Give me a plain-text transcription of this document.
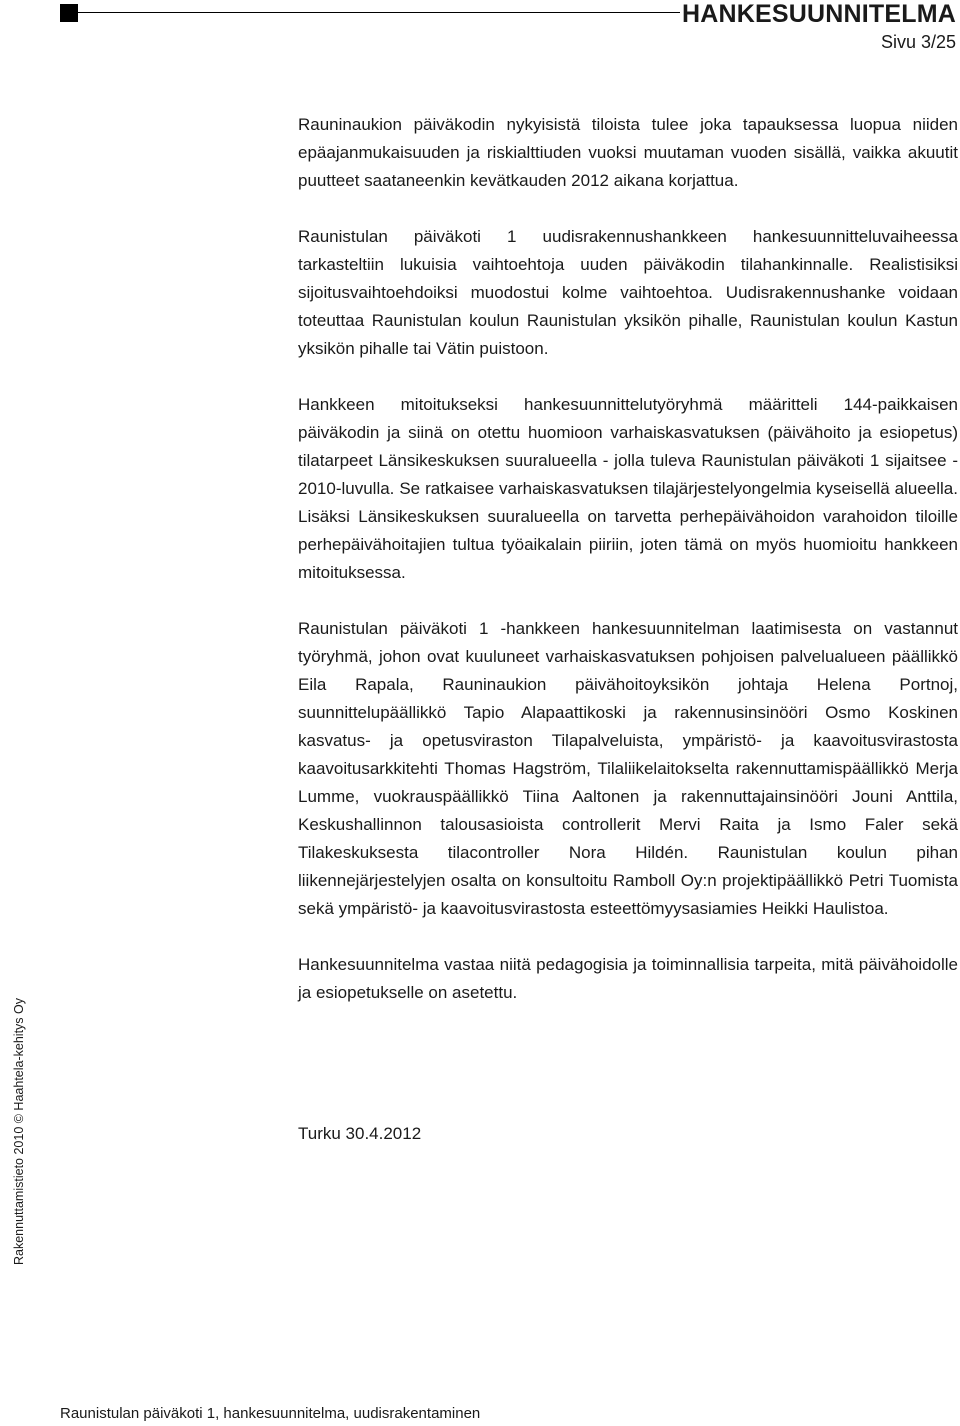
HANKESUUNNITELMA
Sivu 3/25

Rauninaukion päiväkodin nykyisistä tiloista tulee joka tapauksessa luopua niiden epäajanmukaisuuden ja riskialttiuden vuoksi muutaman vuoden sisällä, vaikka akuutit puutteet saataneenkin kevätkauden 2012 aikana korjattua.

Raunistulan päiväkoti 1 uudisrakennushankkeen hankesuunnitteluvaiheessa tarkasteltiin lukuisia vaihtoehtoja uuden päiväkodin tilahankinnalle. Realistisiksi sijoitusvaihtoehdoiksi muodostui kolme vaihtoehtoa. Uudisrakennushanke voidaan toteuttaa Raunistulan koulun Raunistulan yksikön pihalle, Raunistulan koulun Kastun yksikön pihalle tai Vätin puistoon.

Hankkeen mitoitukseksi hankesuunnittelutyöryhmä määritteli 144-paikkaisen päiväkodin ja siinä on otettu huomioon varhaiskasvatuksen (päivähoito ja esiopetus) tilatarpeet Länsikeskuksen suuralueella - jolla tuleva Raunistulan päiväkoti 1 sijaitsee - 2010-luvulla. Se ratkaisee varhaiskasvatuksen tilajärjestelyongelmia kyseisellä alueella. Lisäksi Länsikeskuksen suuralueella on tarvetta perhepäivähoidon varahoidon tiloille perhepäivähoitajien tultua työaikalain piiriin, joten tämä on myös huomioitu hankkeen mitoituksessa.

Raunistulan päiväkoti 1 -hankkeen hankesuunnitelman laatimisesta on vastannut työryhmä, johon ovat kuuluneet varhaiskasvatuksen pohjoisen palvelualueen päällikkö Eila Rapala, Rauninaukion päivähoitoyksikön johtaja Helena Portnoj, suunnittelupäällikkö Tapio Alapaattikoski ja rakennusinsinööri Osmo Koskinen kasvatus- ja opetusviraston Tilapalveluista, ympäristö- ja kaavoitusvirastosta kaavoitusarkkitehti Thomas Hagström, Tilaliikelaitokselta rakennuttamispäällikkö Merja Lumme, vuokrauspäällikkö Tiina Aaltonen ja rakennuttajainsinööri Jouni Anttila, Keskushallinnon talousasioista controllerit Mervi Raita ja Ismo Faler sekä Tilakeskuksesta tilacontroller Nora Hildén. Raunistulan koulun pihan liikennejärjestelyjen osalta on konsultoitu Ramboll Oy:n projektipäällikkö Petri Tuomista sekä ympäristö- ja kaavoitusvirastosta esteettömyysasiamies Heikki Haulistoa.

Hankesuunnitelma vastaa niitä pedagogisia ja toiminnallisia tarpeita, mitä päivähoidolle ja esiopetukselle on asetettu.

Turku 30.4.2012
Rakennuttamistieto 2010 © Haahtela-kehitys Oy
Raunistulan päiväkoti 1, hankesuunnitelma, uudisrakentaminen
